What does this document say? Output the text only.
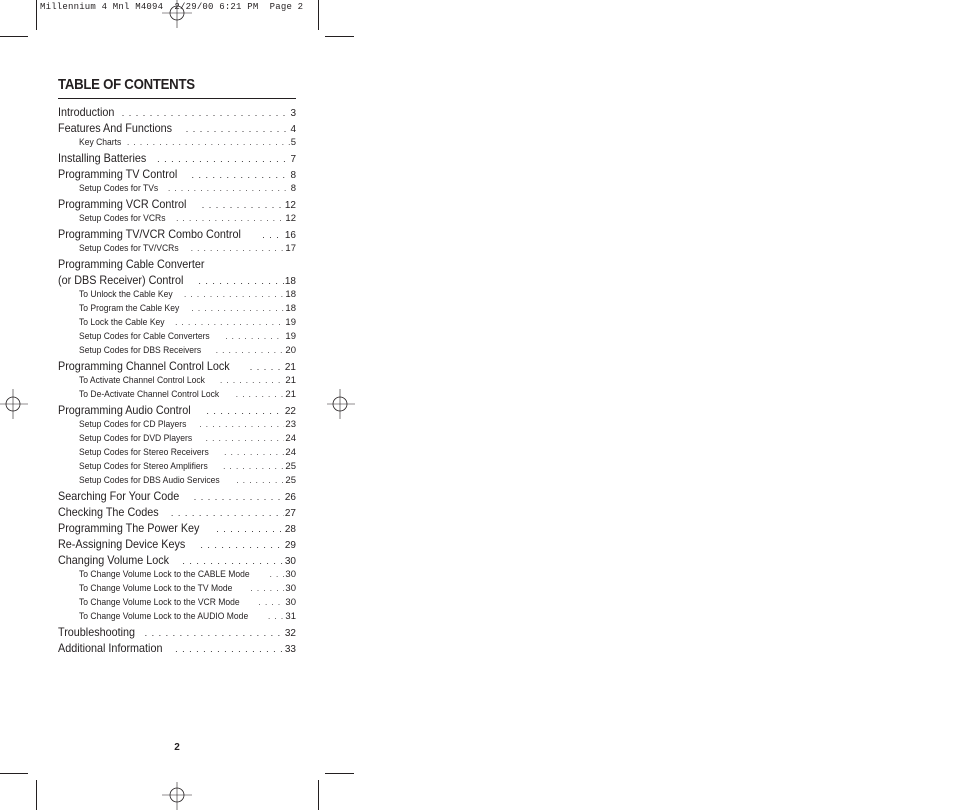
Millennium 4 Mnl M4094  2/29/00 6:21 PM  Page 2
TABLE OF CONTENTS
Introduction . . .	3
Features And Functions . . .	4
Key Charts . . .	5
Installing Batteries . . .	7
Programming TV Control . . .	8
Setup Codes for TVs . . .	8
Programming VCR Control . . .	12
Setup Codes for VCRs . . .	12
Programming TV/VCR Combo Control . . .	16
Setup Codes for TV/VCRs . . .	17
Programming Cable Converter
(or DBS Receiver) Control . . .	18
To Unlock the Cable Key . . .	18
To Program the Cable Key . . .	18
To Lock the Cable Key . . .	19
Setup Codes for Cable Converters . . .	19
Setup Codes for DBS Receivers . . .	20
Programming Channel Control Lock . . .	21
To Activate Channel Control Lock . . .	21
To De-Activate Channel Control Lock . . .	21
Programming Audio Control . . .	22
Setup Codes for CD Players . . .	23
Setup Codes for DVD Players . . .	24
Setup Codes for Stereo Receivers . . .	24
Setup Codes for Stereo Amplifiers . . .	25
Setup Codes for DBS Audio Services . . .	25
Searching For Your Code . . .	26
Checking The Codes . . .	27
Programming The Power Key . . .	28
Re-Assigning Device Keys . . .	29
Changing Volume Lock . . .	30
To Change Volume Lock to the CABLE Mode . . .	30
To Change Volume Lock to the TV Mode . . .	30
To Change Volume Lock to the VCR Mode . . .	30
To Change Volume Lock to the AUDIO Mode . . .	31
Troubleshooting . . .	32
Additional Information . . .	33
2
